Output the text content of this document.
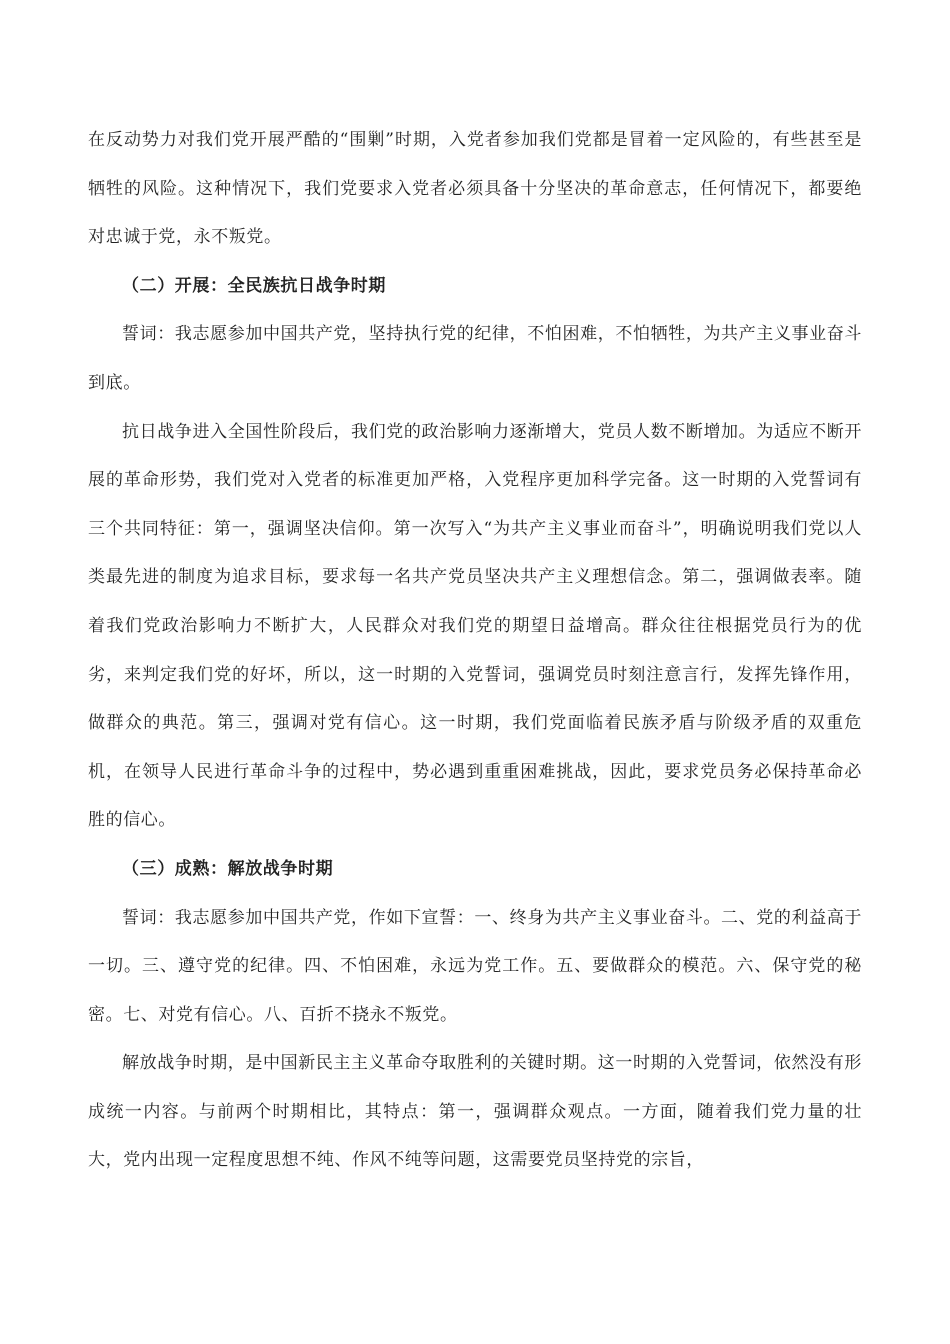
在反动势力对我们党开展严酷的“围剿”时期，入党者参加我们党都是冒着一定风险的，有些甚至是牺牲的风险。这种情况下，我们党要求入党者必须具备十分坚决的革命意志，任何情况下，都要绝对忠诚于党，永不叛党。

（二）开展：全民族抗日战争时期

誓词：我志愿参加中国共产党，坚持执行党的纪律，不怕困难，不怕牺牲，为共产主义事业奋斗到底。

抗日战争进入全国性阶段后，我们党的政治影响力逐渐增大，党员人数不断增加。为适应不断开展的革命形势，我们党对入党者的标准更加严格，入党程序更加科学完备。这一时期的入党誓词有三个共同特征：第一，强调坚决信仰。第一次写入“为共产主义事业而奋斗”，明确说明我们党以人类最先进的制度为追求目标，要求每一名共产党员坚决共产主义理想信念。第二，强调做表率。随着我们党政治影响力不断扩大，人民群众对我们党的期望日益增高。群众往往根据党员行为的优劣，来判定我们党的好坏，所以，这一时期的入党誓词，强调党员时刻注意言行，发挥先锋作用，做群众的典范。第三，强调对党有信心。这一时期，我们党面临着民族矛盾与阶级矛盾的双重危机，在领导人民进行革命斗争的过程中，势必遇到重重困难挑战，因此，要求党员务必保持革命必胜的信心。

（三）成熟：解放战争时期

誓词：我志愿参加中国共产党，作如下宣誓：一、终身为共产主义事业奋斗。二、党的利益高于一切。三、遵守党的纪律。四、不怕困难，永远为党工作。五、要做群众的模范。六、保守党的秘密。七、对党有信心。八、百折不挠永不叛党。

解放战争时期，是中国新民主主义革命夺取胜利的关键时期。这一时期的入党誓词，依然没有形成统一内容。与前两个时期相比，其特点：第一，强调群众观点。一方面，随着我们党力量的壮大，党内出现一定程度思想不纯、作风不纯等问题，这需要党员坚持党的宗旨，
